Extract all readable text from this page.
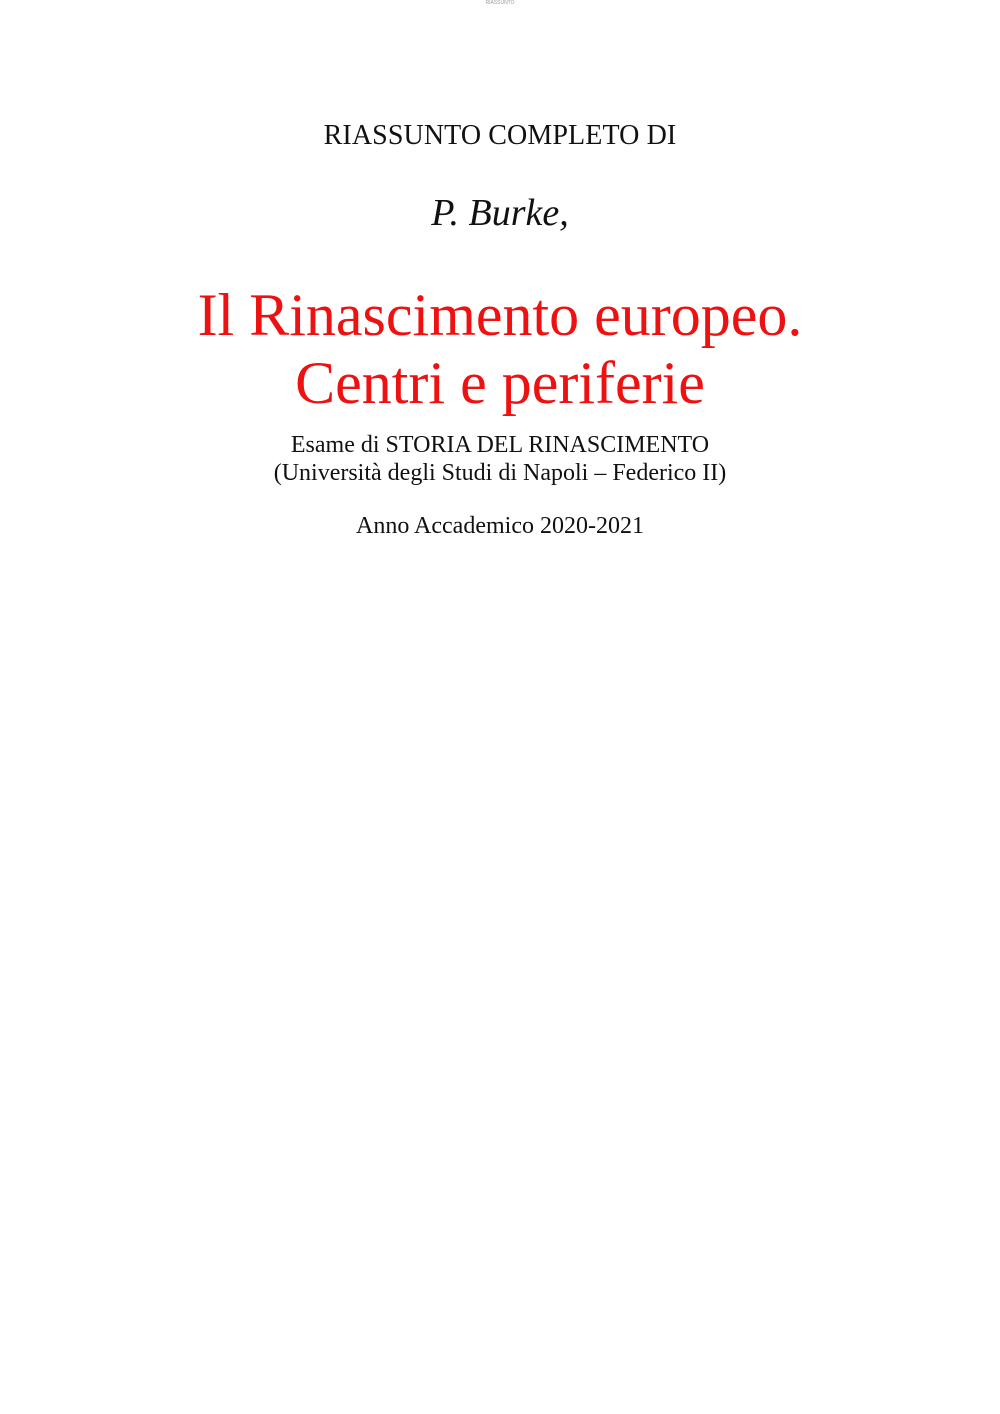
RIASSUNTO
RIASSUNTO COMPLETO DI
P. Burke,
Il Rinascimento europeo.
Centri e periferie
Esame di STORIA DEL RINASCIMENTO
(Università degli Studi di Napoli – Federico II)
Anno Accademico 2020-2021
